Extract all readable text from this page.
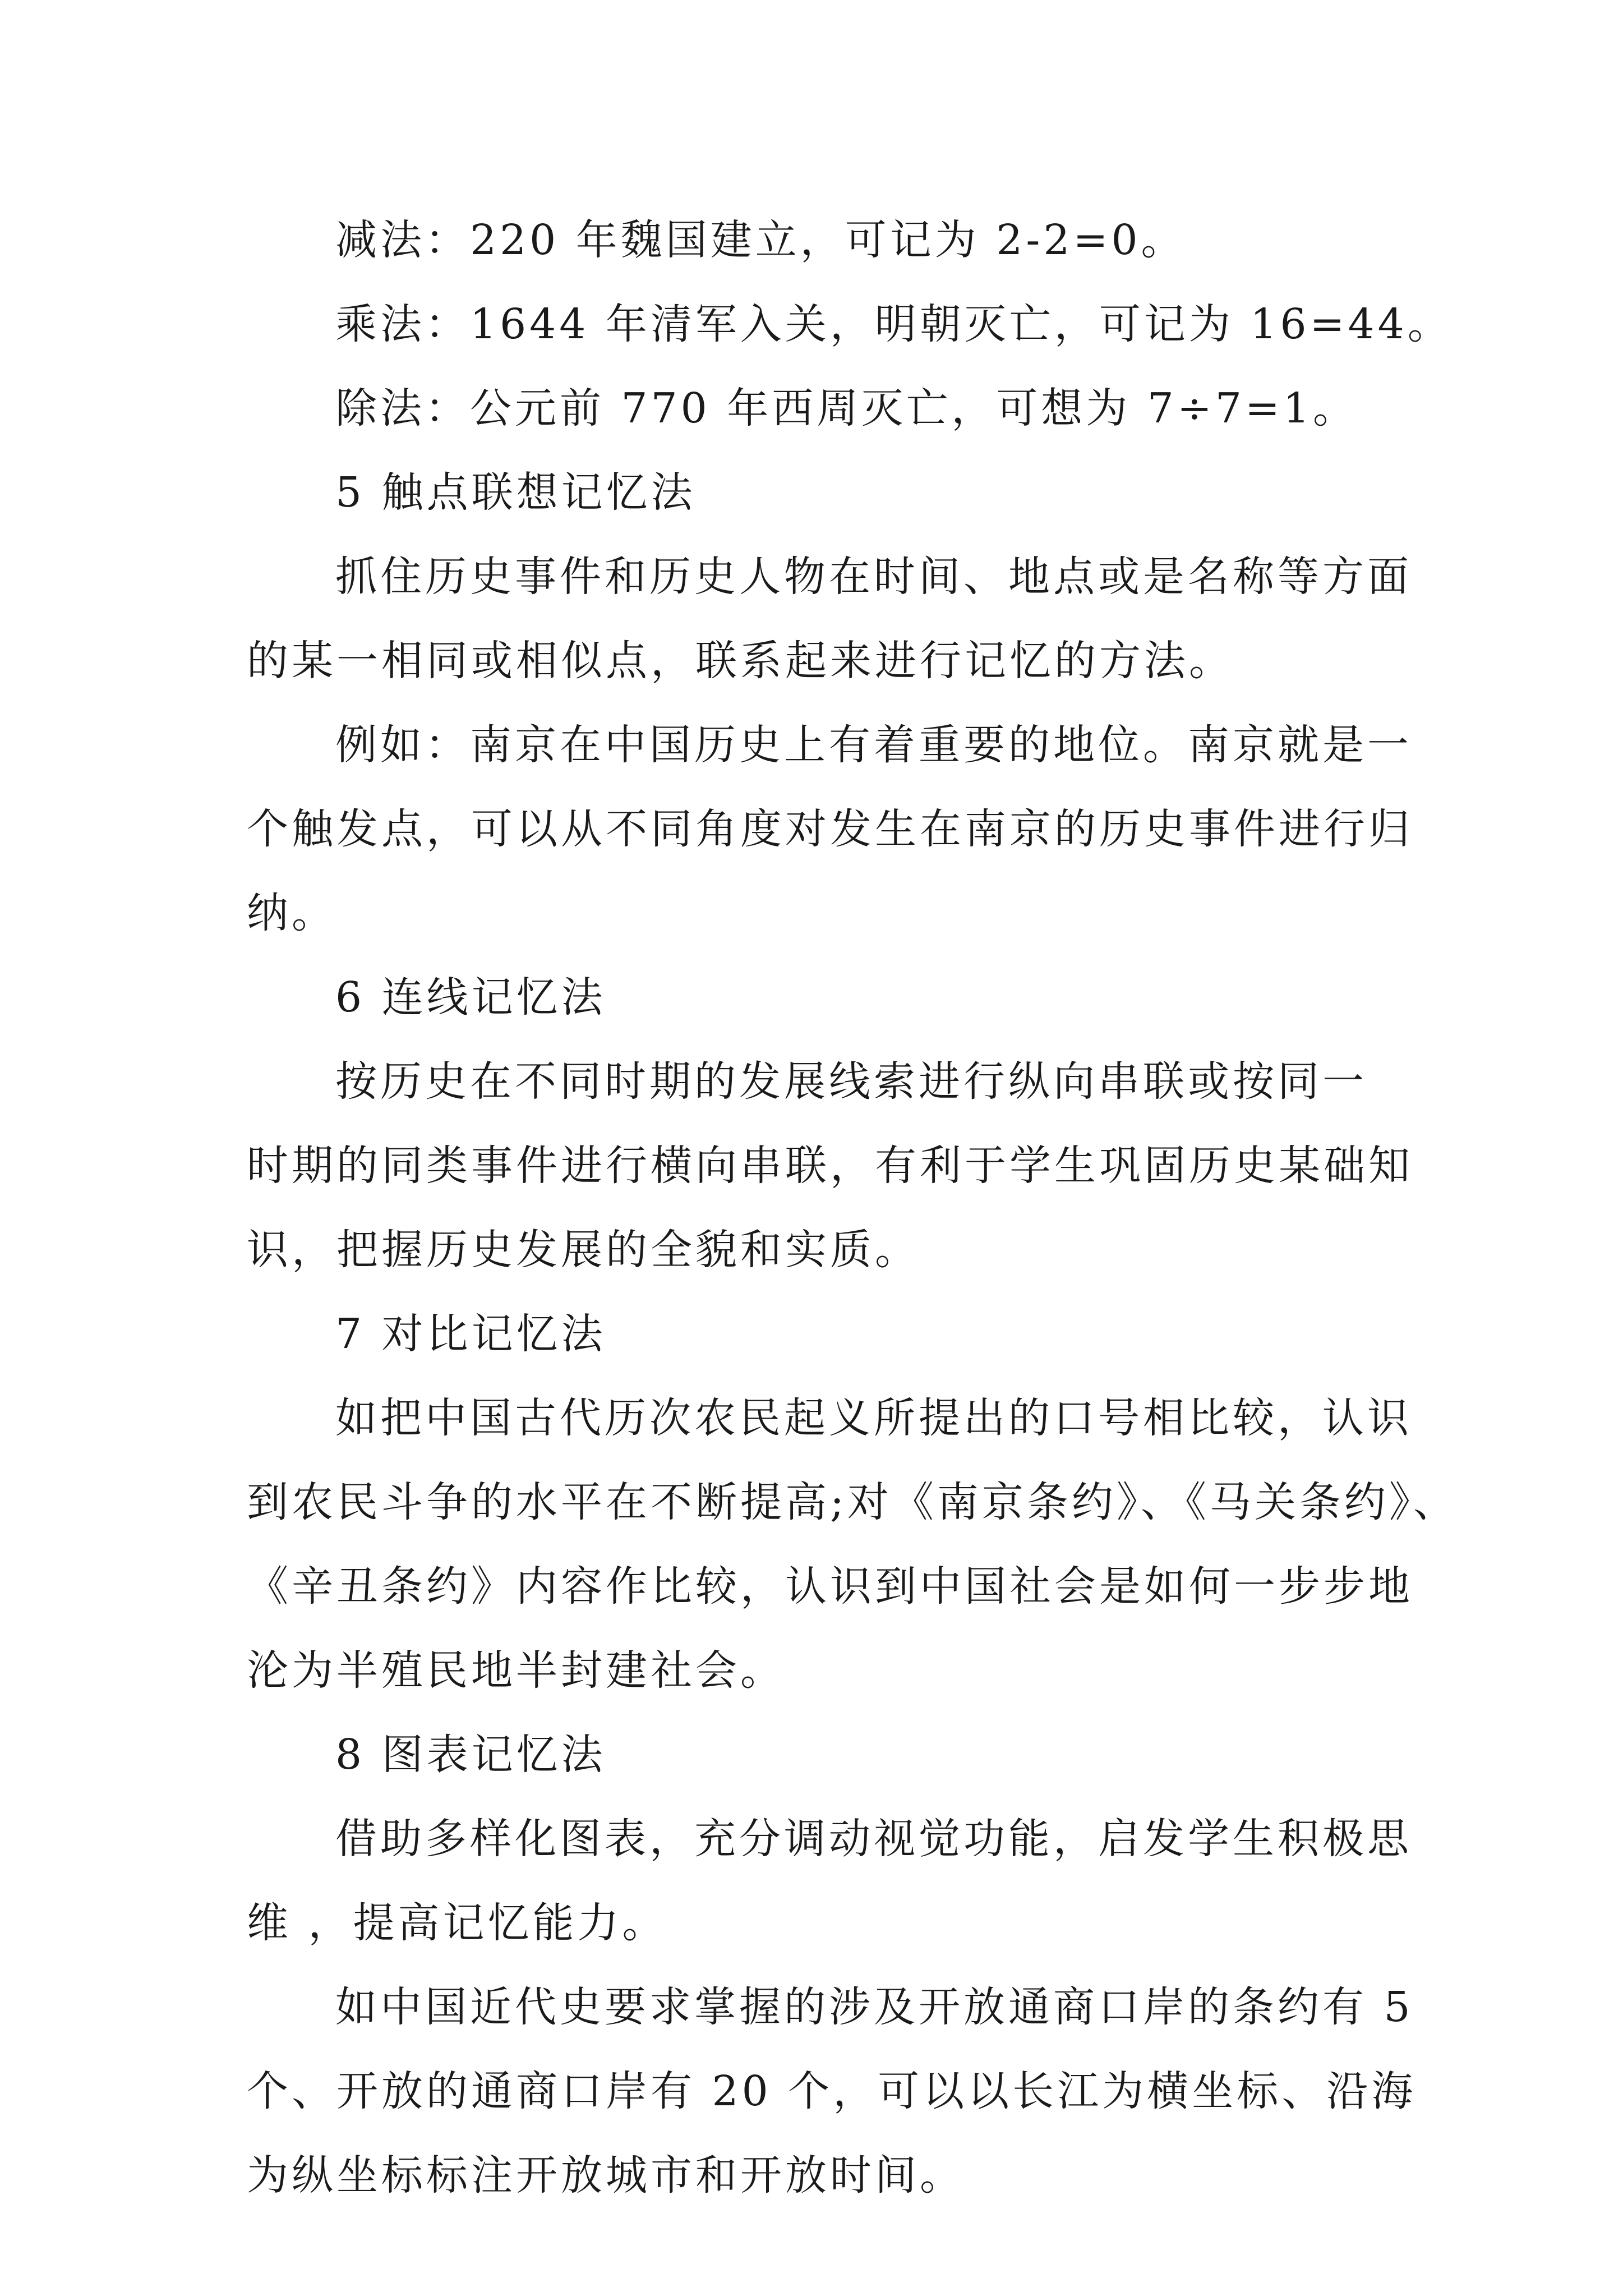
减法：220 年魏国建立，可记为 2-2=0。
乘法：1644 年清军入关，明朝灭亡，可记为 16=44。
除法：公元前 770 年西周灭亡，可想为 7÷7=1。
5 触点联想记忆法
抓住历史事件和历史人物在时间、地点或是名称等方面
的某一相同或相似点，联系起来进行记忆的方法。
例如：南京在中国历史上有着重要的地位。南京就是一
个触发点，可以从不同角度对发生在南京的历史事件进行归
纳。
6 连线记忆法
按历史在不同时期的发展线索进行纵向串联或按同一
时期的同类事件进行横向串联，有利于学生巩固历史某础知
识，把握历史发展的全貌和实质。
7 对比记忆法
如把中国古代历次农民起义所提出的口号相比较，认识
到农民斗争的水平在不断提高;对《南京条约》、《马关条约》、
《辛丑条约》内容作比较，认识到中国社会是如何一步步地
沦为半殖民地半封建社会。
8 图表记忆法
借助多样化图表，充分调动视觉功能，启发学生积极思
维 ，提高记忆能力。
如中国近代史要求掌握的涉及开放通商口岸的条约有 5
个、开放的通商口岸有 20 个，可以以长江为横坐标、沿海
为纵坐标标注开放城市和开放时间。
